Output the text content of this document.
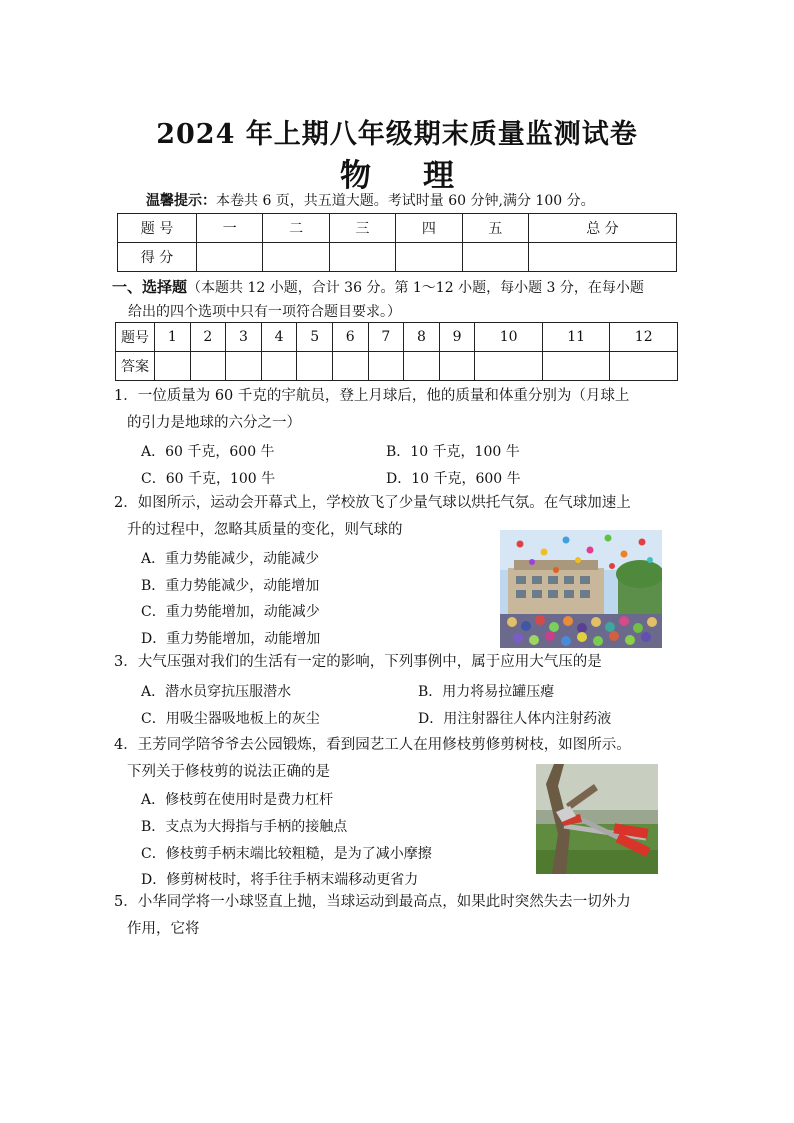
2024 年上期八年级期末质量监测试卷
物 理
温馨提示：本卷共 6 页，共五道大题。考试时量 60 分钟,满分 100 分。
题 号	一	二	三	四	五	总 分
得 分						
一、选择题（本题共 12 小题，合计 36 分。第 1～12 小题，每小题 3 分，在每小题
给出的四个选项中只有一项符合题目要求。）
题号	1	2	3	4	5	6	7	8	9	10	11	12
答案												
1．一位质量为 60 千克的宇航员，登上月球后，他的质量和体重分别为（月球上
的引力是地球的六分之一）
A．60 千克，600 牛	B．10 千克，100 牛
C．60 千克，100 牛	D．10 千克，600 牛
2．如图所示，运动会开幕式上，学校放飞了少量气球以烘托气氛。在气球加速上
升的过程中，忽略其质量的变化，则气球的
A．重力势能减少，动能减少
B．重力势能减少，动能增加
C．重力势能增加，动能减少
D．重力势能增加，动能增加
3．大气压强对我们的生活有一定的影响，下列事例中，属于应用大气压的是
A．潜水员穿抗压服潜水	B．用力将易拉罐压瘪
C．用吸尘器吸地板上的灰尘	D．用注射器往人体内注射药液
4．王芳同学陪爷爷去公园锻炼，看到园艺工人在用修枝剪修剪树枝，如图所示。
下列关于修枝剪的说法正确的是
A．修枝剪在使用时是费力杠杆
B．支点为大拇指与手柄的接触点
C．修枝剪手柄末端比较粗糙，是为了减小摩擦
D．修剪树枝时，将手往手柄末端移动更省力
5．小华同学将一小球竖直上抛，当球运动到最高点，如果此时突然失去一切外力
作用，它将
